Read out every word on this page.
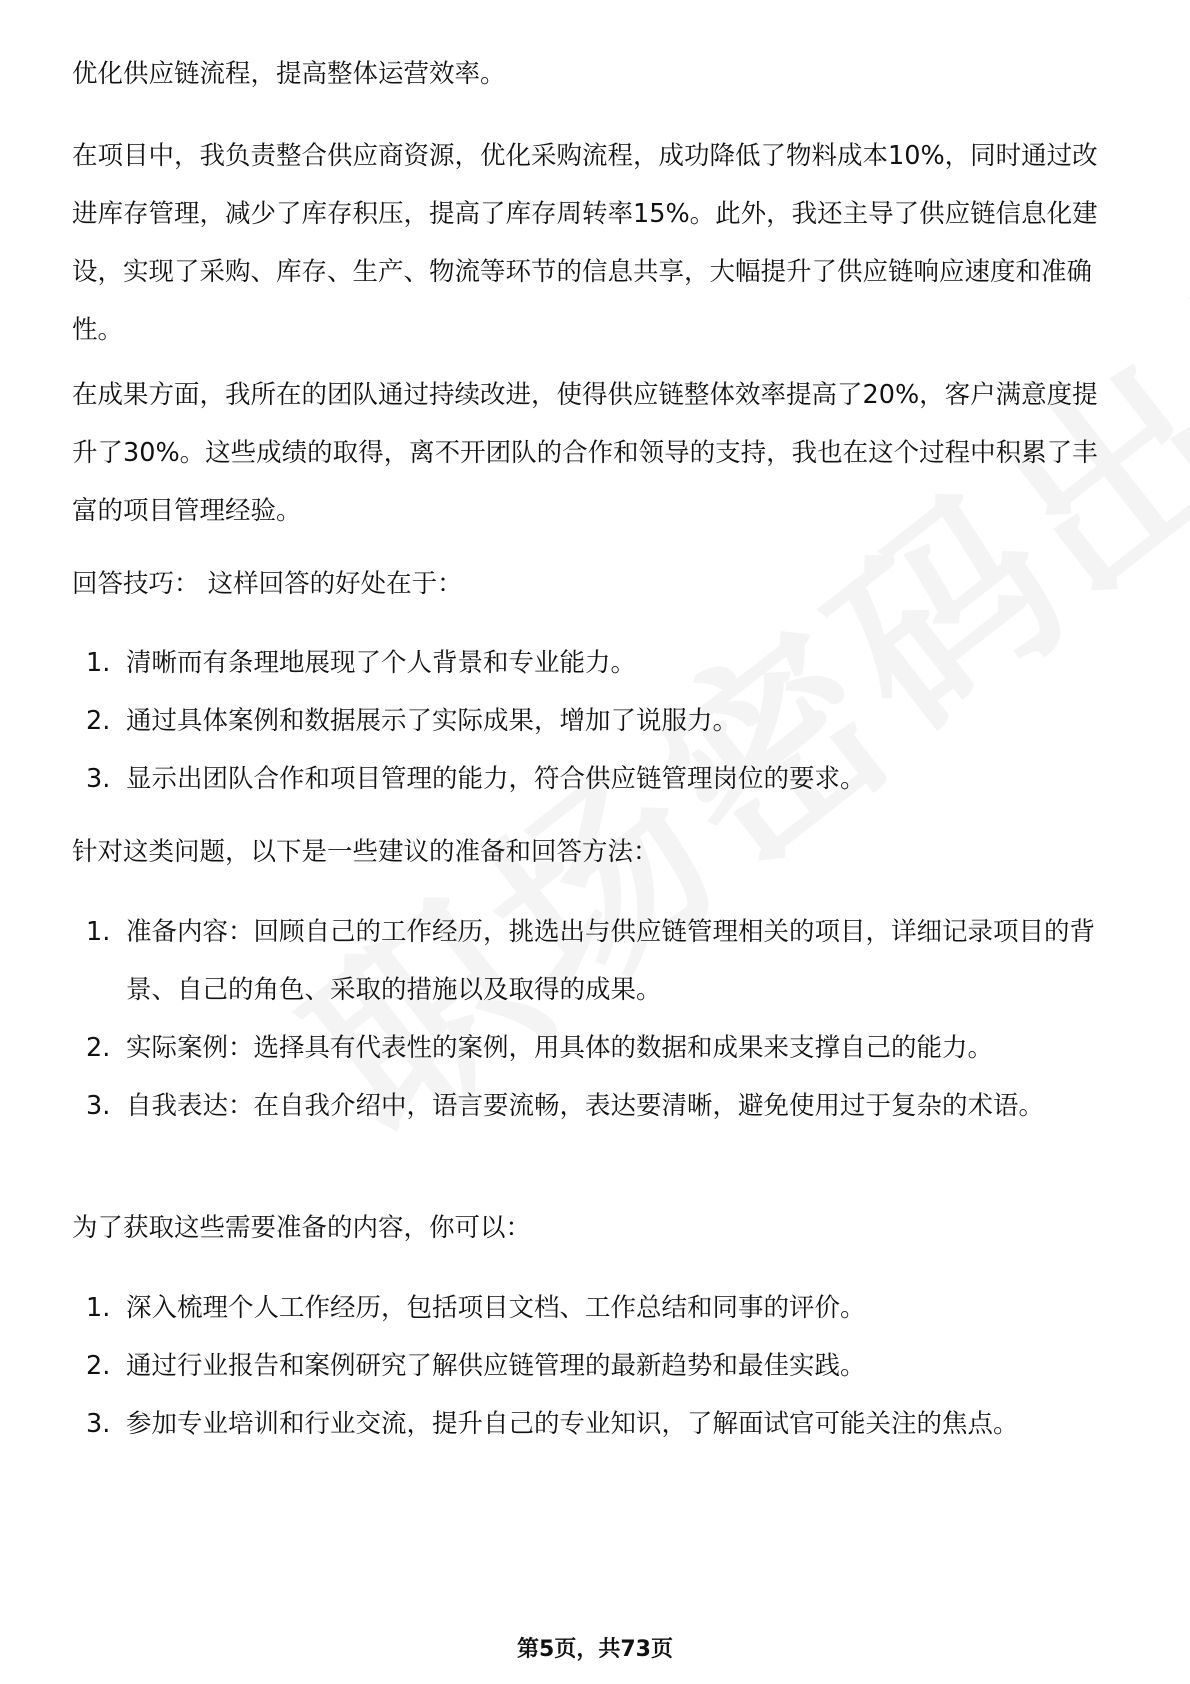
优化供应链流程，提高整体运营效率。

在项目中，我负责整合供应商资源，优化采购流程，成功降低了物料成本10%，同时通过改进库存管理，减少了库存积压，提高了库存周转率15%。此外，我还主导了供应链信息化建设，实现了采购、库存、生产、物流等环节的信息共享，大幅提升了供应链响应速度和准确性。

在成果方面，我所在的团队通过持续改进，使得供应链整体效率提高了20%，客户满意度提升了30%。这些成绩的取得，离不开团队的合作和领导的支持，我也在这个过程中积累了丰富的项目管理经验。

回答技巧： 这样回答的好处在于：

1. 清晰而有条理地展现了个人背景和专业能力。
2. 通过具体案例和数据展示了实际成果，增加了说服力。
3. 显示出团队合作和项目管理的能力，符合供应链管理岗位的要求。

针对这类问题，以下是一些建议的准备和回答方法：

1. 准备内容：回顾自己的工作经历，挑选出与供应链管理相关的项目，详细记录项目的背景、自己的角色、采取的措施以及取得的成果。
2. 实际案例：选择具有代表性的案例，用具体的数据和成果来支撑自己的能力。
3. 自我表达：在自我介绍中，语言要流畅，表达要清晰，避免使用过于复杂的术语。

为了获取这些需要准备的内容，你可以：

1. 深入梳理个人工作经历，包括项目文档、工作总结和同事的评价。
2. 通过行业报告和案例研究了解供应链管理的最新趋势和最佳实践。
3. 参加专业培训和行业交流，提升自己的专业知识，了解面试官可能关注的焦点。
第5页，共73页
